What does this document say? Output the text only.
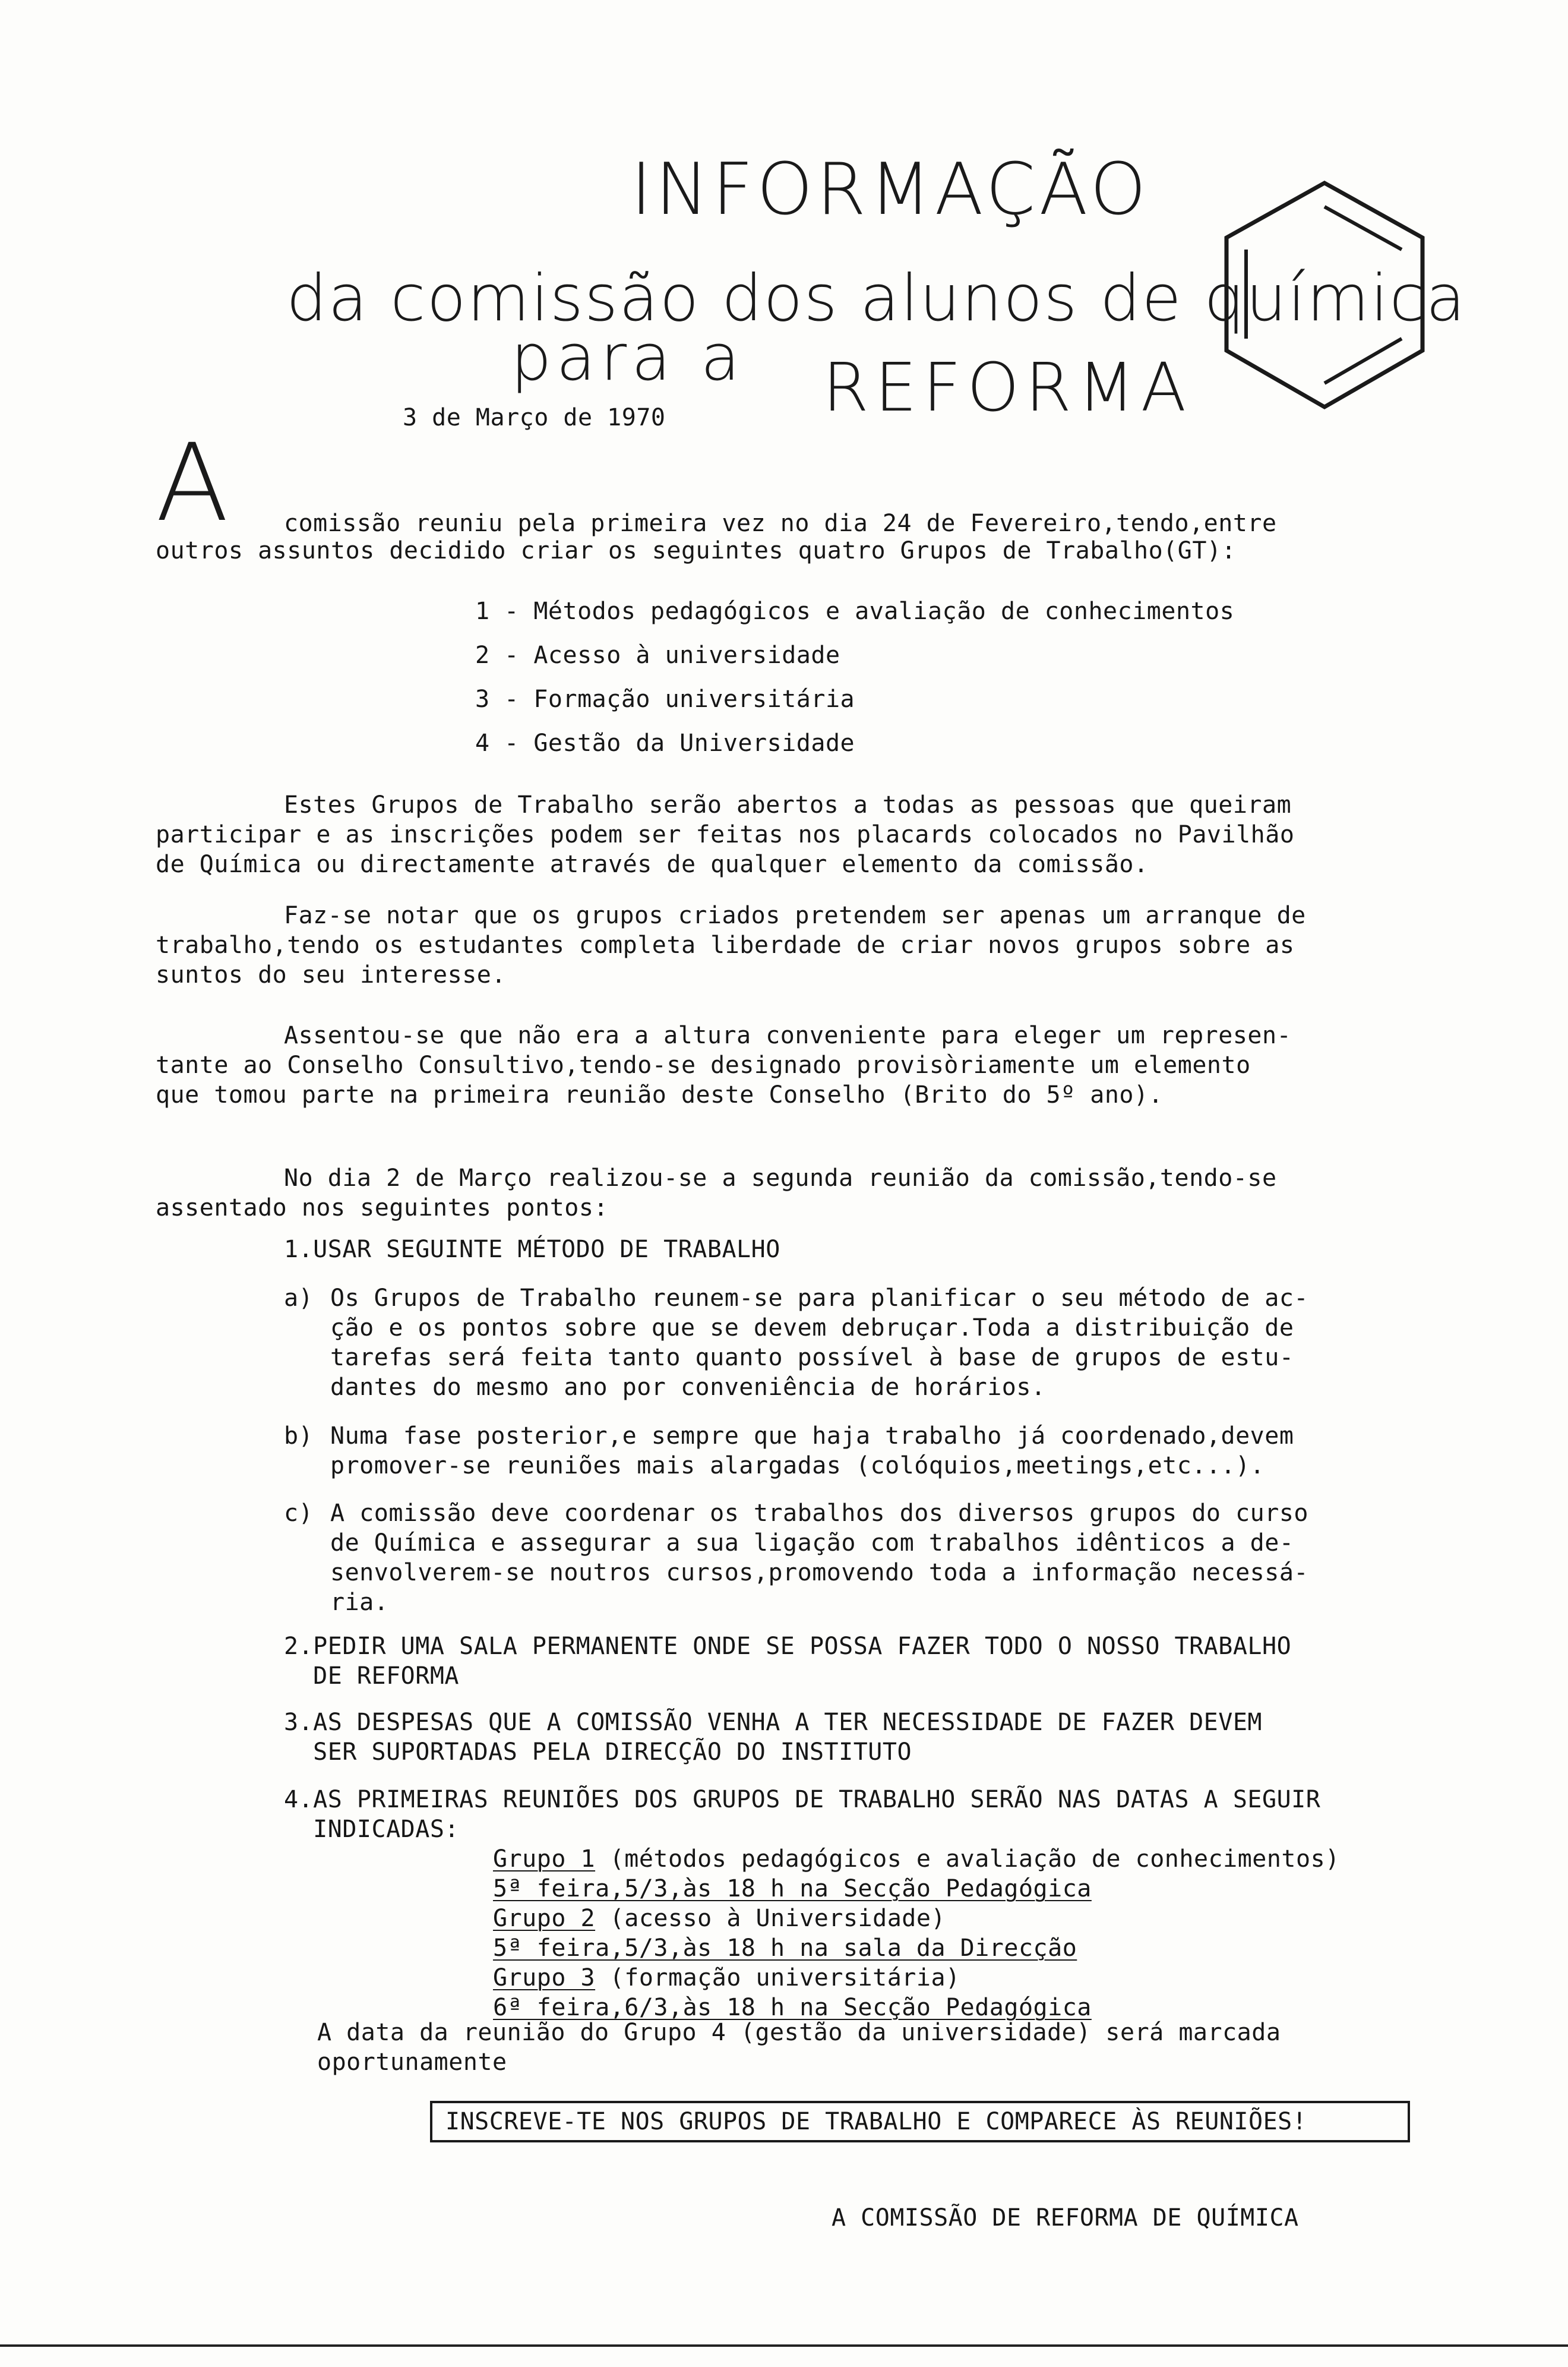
INFORMAÇÃO
da comissão dos alunos de química
para a REFORMA
3 de Março de 1970
A comissão reuniu pela primeira vez no dia 24 de Fevereiro,tendo,entre
outros assuntos decidido criar os seguintes quatro Grupos de Trabalho(GT):
1 - Métodos pedagógicos e avaliação de conhecimentos
2 - Acesso à universidade
3 - Formação universitária
4 - Gestão da Universidade
Estes Grupos de Trabalho serão abertos a todas as pessoas que queiram
participar e as inscrições podem ser feitas nos placards colocados no Pavilhão
de Química ou directamente através de qualquer elemento da comissão.
Faz-se notar que os grupos criados pretendem ser apenas um arranque de
trabalho,tendo os estudantes completa liberdade de criar novos grupos sobre as
suntos do seu interesse.
Assentou-se que não era a altura conveniente para eleger um represen-
tante ao Conselho Consultivo,tendo-se designado provisòriamente um elemento
que tomou parte na primeira reunião deste Conselho (Brito do 5º ano).
No dia 2 de Março realizou-se a segunda reunião da comissão,tendo-se
assentado nos seguintes pontos:
1.USAR SEGUINTE MÉTODO DE TRABALHO
a) Os Grupos de Trabalho reunem-se para planificar o seu método de ac-
ção e os pontos sobre que se devem debruçar.Toda a distribuição de
tarefas será feita tanto quanto possível à base de grupos de estu-
dantes do mesmo ano por conveniência de horários.
b) Numa fase posterior,e sempre que haja trabalho já coordenado,devem
promover-se reuniões mais alargadas (colóquios,meetings,etc...).
c) A comissão deve coordenar os trabalhos dos diversos grupos do curso
de Química e assegurar a sua ligação com trabalhos idênticos a de-
senvolverem-se noutros cursos,promovendo toda a informação necessá-
ria.
2.PEDIR UMA SALA PERMANENTE ONDE SE POSSA FAZER TODO O NOSSO TRABALHO
DE REFORMA
3.AS DESPESAS QUE A COMISSÃO VENHA A TER NECESSIDADE DE FAZER DEVEM
SER SUPORTADAS PELA DIRECÇÃO DO INSTITUTO
4.AS PRIMEIRAS REUNIÕES DOS GRUPOS DE TRABALHO SERÃO NAS DATAS A SEGUIR
INDICADAS:
Grupo 1 (métodos pedagógicos e avaliação de conhecimentos)
5ª feira,5/3,às 18 h na Secção Pedagógica
Grupo 2 (acesso à Universidade)
5ª feira,5/3,às 18 h na sala da Direcção
Grupo 3 (formação universitária)
6ª feira,6/3,às 18 h na Secção Pedagógica
A data da reunião do Grupo 4 (gestão da universidade) será marcada
oportunamente
INSCREVE-TE NOS GRUPOS DE TRABALHO E COMPARECE ÀS REUNIÕES!
A COMISSÃO DE REFORMA DE QUÍMICA
